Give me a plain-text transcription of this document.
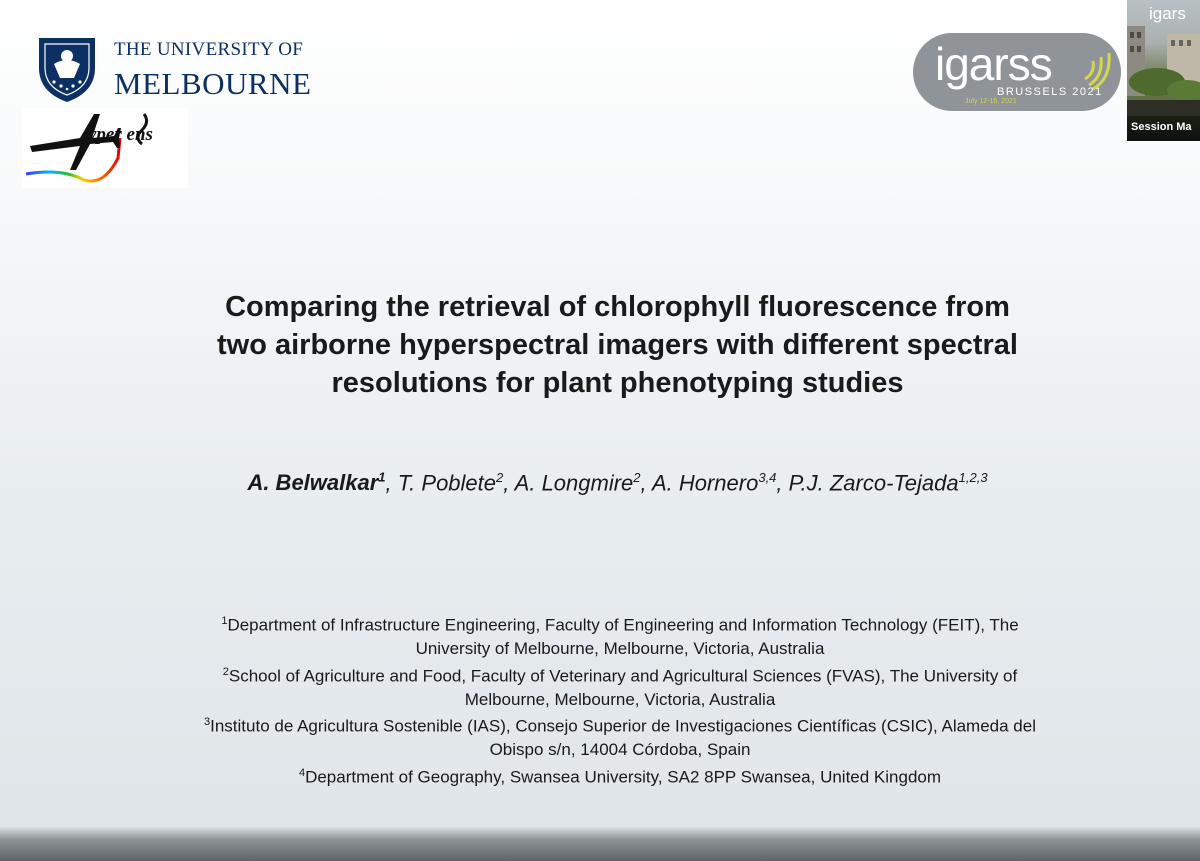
THE UNIVERSITY OF
MELBOURNE
yper ens
igarss
BRUSSELS 2021
July 12-16, 2021
igars
Session Ma
Comparing the retrieval of chlorophyll fluorescence from
two airborne hyperspectral imagers with different spectral
resolutions for plant phenotyping studies
A. Belwalkar$^1$, T. Poblete$^2$, A. Longmire$^2$, A. Hornero$^{3,4}$, P.J. Zarco-Tejada$^{1,2,3}$
$^1$Department of Infrastructure Engineering, Faculty of Engineering and Information Technology (FEIT), The
University of Melbourne, Melbourne, Victoria, Australia
$^2$School of Agriculture and Food, Faculty of Veterinary and Agricultural Sciences (FVAS), The University of
Melbourne, Melbourne, Victoria, Australia
$^3$Instituto de Agricultura Sostenible (IAS), Consejo Superior de Investigaciones Científicas (CSIC), Alameda del
Obispo s/n, 14004 Córdoba, Spain
$^4$Department of Geography, Swansea University, SA2 8PP Swansea, United Kingdom
